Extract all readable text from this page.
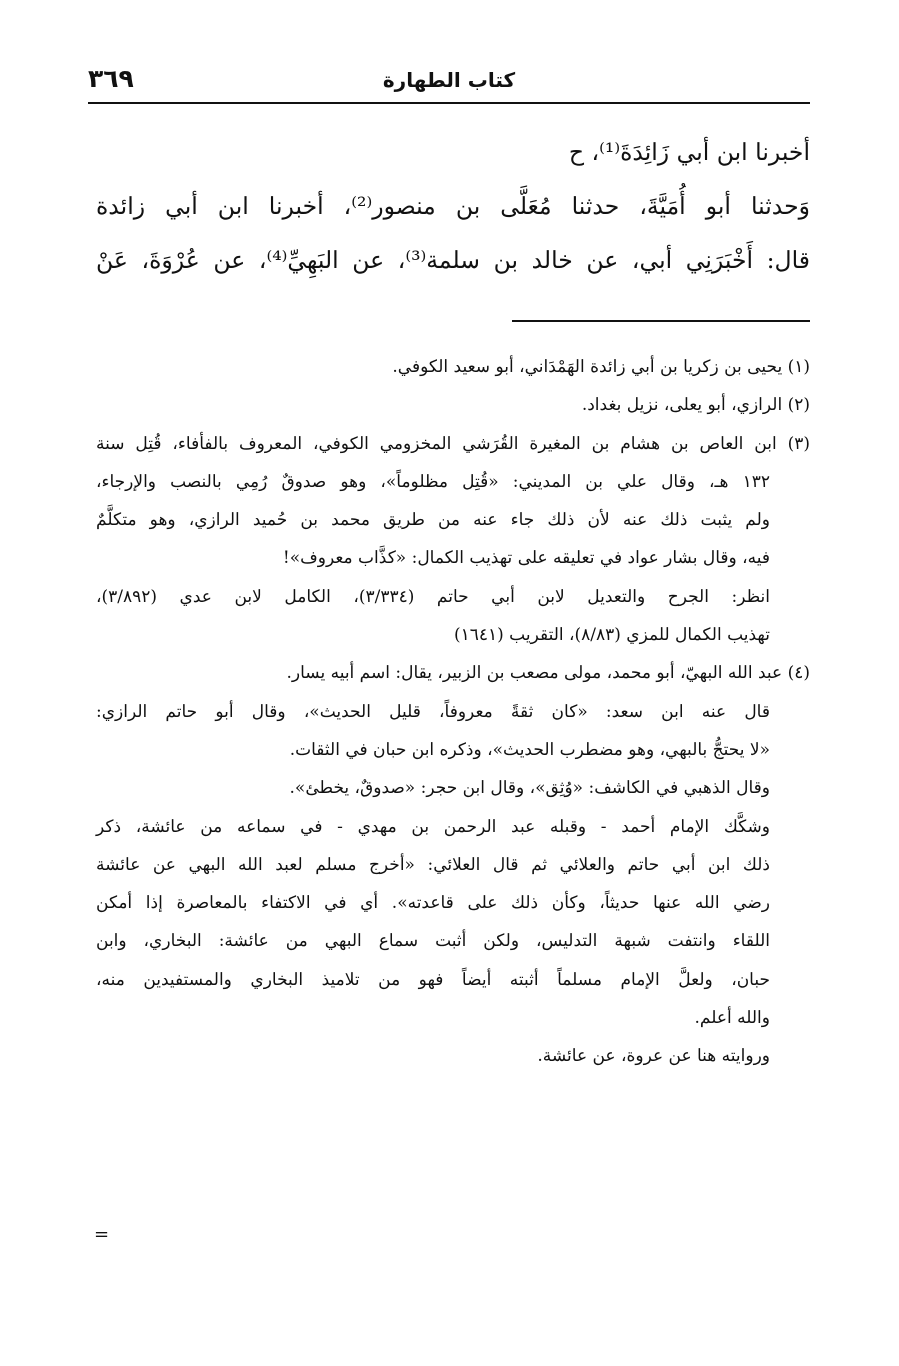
كتاب الطهارة
٣٦٩
أخبرنا ابن أبي زَائِدَةَ⁽¹⁾، ح
وَحدثنا أبو أُمَيَّةَ، حدثنا مُعَلَّى بن منصور⁽²⁾، أخبرنا ابن أبي زائدة
قال: أَخْبَرَنِي أبي، عن خالد بن سلمة⁽³⁾، عن البَهِيِّ⁽⁴⁾، عن عُرْوَةَ، عَنْ
(١) يحيى بن زكريا بن أبي زائدة الهَمْدَاني، أبو سعيد الكوفي.
(٢) الرازي، أبو يعلى، نزيل بغداد.
(٣) ابن العاص بن هشام بن المغيرة القُرَشي المخزومي الكوفي، المعروف بالفأفاء، قُتِل سنة
١٣٢ هـ، وقال علي بن المديني: «قُتِل مظلوماً»، وهو صدوقٌ رُمِي بالنصب والإرجاء،
ولم يثبت ذلك عنه لأن ذلك جاء عنه من طريق محمد بن حُميد الرازي، وهو متكلَّمٌ
فيه، وقال بشار عواد في تعليقه على تهذيب الكمال: «كذَّاب معروف»!
انظر: الجرح والتعديل لابن أبي حاتم (٣/٣٣٤)، الكامل لابن عدي (٣/٨٩٢)،
تهذيب الكمال للمزي (٨/٨٣)، التقريب (١٦٤١)
(٤) عبد الله البهيّ، أبو محمد، مولى مصعب بن الزبير، يقال: اسم أبيه يسار.
قال عنه ابن سعد: «كان ثقةً معروفاً، قليل الحديث»، وقال أبو حاتم الرازي:
«لا يحتجُّ بالبهي، وهو مضطرب الحديث»، وذكره ابن حبان في الثقات.
وقال الذهبي في الكاشف: «وُثِق»، وقال ابن حجر: «صدوقٌ، يخطئ».
وشكَّك الإمام أحمد - وقبله عبد الرحمن بن مهدي - في سماعه من عائشة، ذكر
ذلك ابن أبي حاتم والعلائي ثم قال العلائي: «أخرج مسلم لعبد الله البهي عن عائشة
رضي الله عنها حديثاً، وكأن ذلك على قاعدته». أي في الاكتفاء بالمعاصرة إذا أمكن
اللقاء وانتفت شبهة التدليس، ولكن أثبت سماع البهي من عائشة: البخاري، وابن
حبان، ولعلَّ الإمام مسلماً أثبته أيضاً فهو من تلاميذ البخاري والمستفيدين منه،
والله أعلم.
وروايته هنا عن عروة، عن عائشة.
=
